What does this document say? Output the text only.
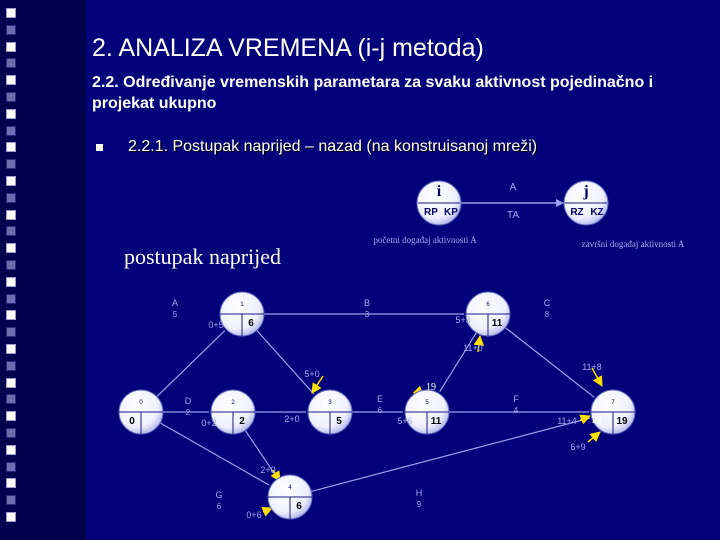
2. ANALIZA VREMENA (i-j metoda)
2.2. Određivanje vremenskih parametara za svaku aktivnost pojedinačno i projekat ukupno
2.2.1. Postupak naprijed – nazad (na konstruisanoj mreži)
postupak naprijed
i	j
RP KP	RZ KZ
A
TA
početni događaj aktivnosti A	završni događaj aktivnosti A
0
0
1
6
2
2
3
5
4
6
5
11
6
11
7
19
A
5
B
3
C
8
D
2
E
6
F
4
G
6
H
9
0+5	5+3
11+0
11+8
5+0
0+2	2+0	5+6	11+4
6+9
2+0
0+6
19
19
11
